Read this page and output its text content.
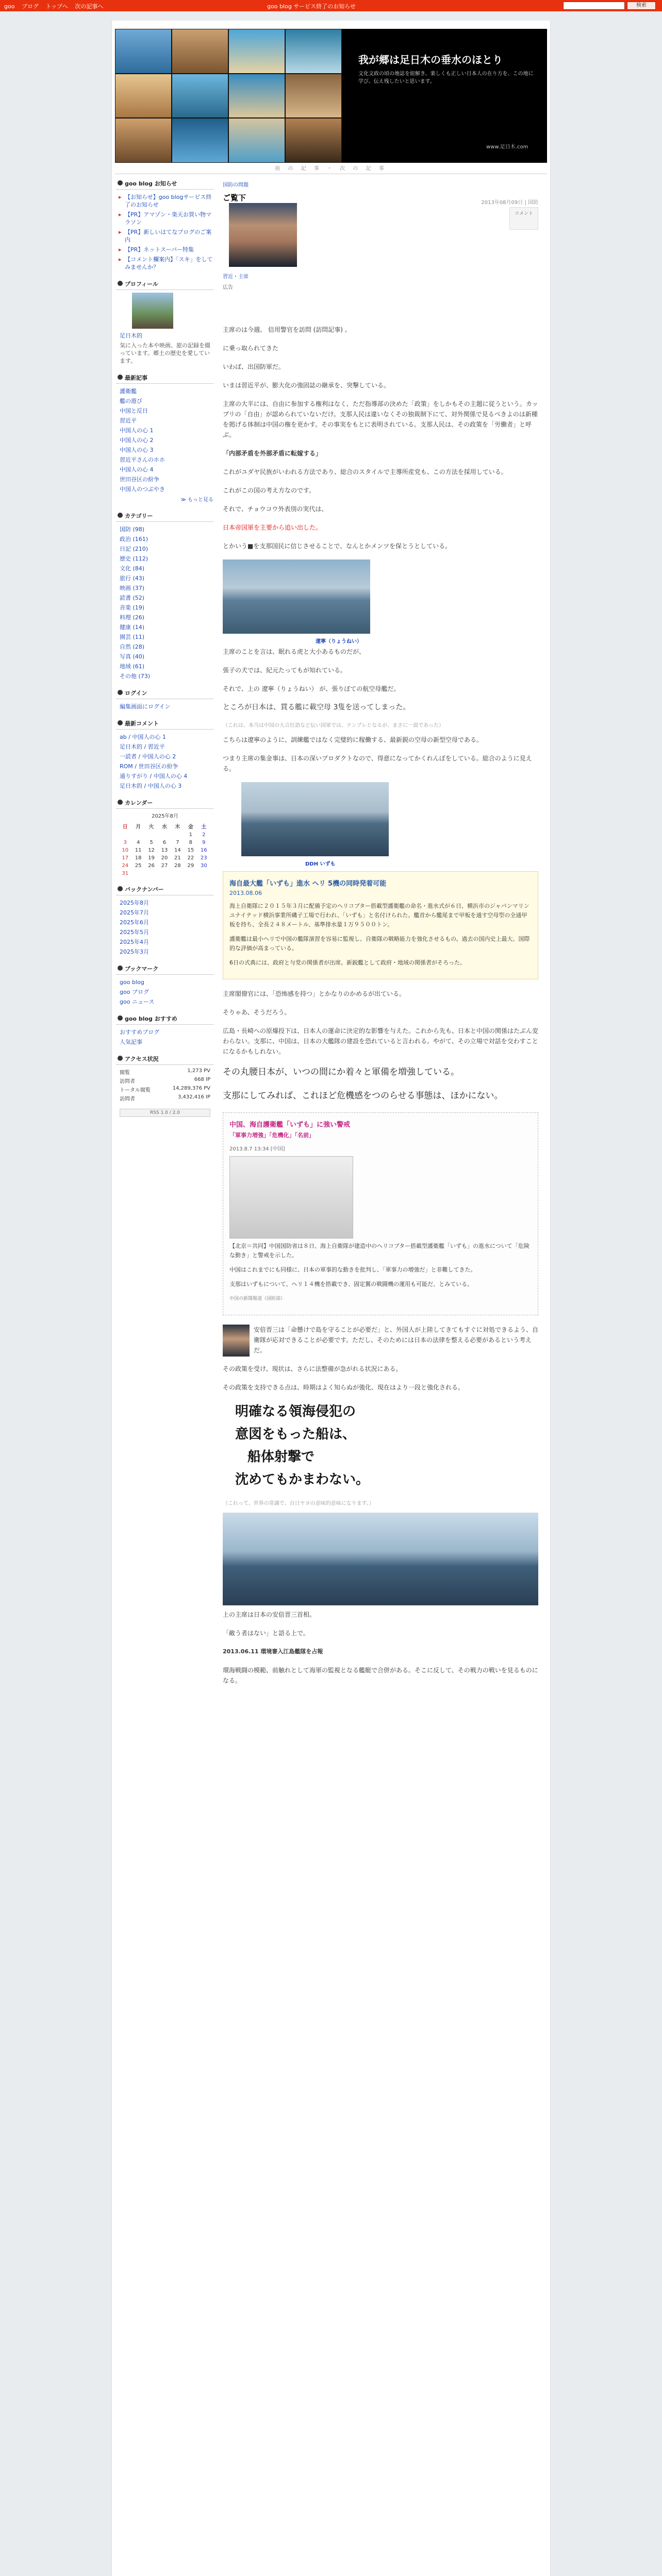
goo ブログ トップへ 次の記事へ	goo blog サービス終了のお知らせ	検索
我が郷は足日木の垂水のほとり
文化文政の頃の地誌を紐解き、楽しくも正しい日本人の在り方を、この地に学び、伝え残したいと思います。
www.足日木.com
前 の 記 事 ・ 次 の 記 事
goo blog お知らせ
▸ 【お知らせ】goo blogサービス終了のお知らせ
▸ 【PR】アマゾン・楽天お買い物マラソン
▸ 【PR】新しいはてなブログのご案内
▸ 【PR】ネットスーパー特集
▸ 【コメント欄案内】「スキ」をしてみませんか？
プロフィール
足日木的
気に入った本や映画、旅の記録を綴っています。郷土の歴史を愛しています。
最新記事
護衛艦
艦の遊び
中国と反日
習近平
中国人の心 1
中国人の心 2
中国人の心 3
習近平さんのホホ
中国人の心 4
世田谷区の紛争
中国人のつぶやき
≫ もっと見る
カテゴリー
国防 (98)
政治 (161)
日記 (210)
歴史 (112)
文化 (84)
旅行 (43)
映画 (37)
読書 (52)
音楽 (19)
料理 (26)
健康 (14)
園芸 (11)
自然 (28)
写真 (40)
地域 (61)
その他 (73)
ログイン
編集画面にログイン
最新コメント
ab / 中国人の心 1
足日木的 / 習近平
一読者 / 中国人の心 2
ROM / 世田谷区の紛争
通りすがり / 中国人の心 4
足日木的 / 中国人の心 3
カレンダー
2025年8月
日	月	火	水	木	金	土
					1	2
3	4	5	6	7	8	9
10	11	12	13	14	15	16
17	18	19	20	21	22	23
24	25	26	27	28	29	30
31						
バックナンバー
2025年8月
2025年7月
2025年6月
2025年5月
2025年4月
2025年3月
ブックマーク
goo blog
goo ブログ
goo ニュース
goo blog おすすめ
おすすめブログ
人気記事
アクセス状況
閲覧	1,273 PV
訪問者	668 IP
トータル閲覧	14,289,376 PV
訪問者	3,432,416 IP
RSS 1.0 / 2.0
国防の問題
2013年08月09日 | 国防
コメント
ご覧下
習近・主席
広告

主席のは今週、 信用警官を訪問 (訪問記事) 。

に乗っ取られてきた

いわば、出国防軍だ。

いまは習近平が、膨大化の強固誌の継承を、突撃している。

主席の大半には、自由に参加する権利はなく、ただ指導部の決めた「政策」をしかもその主題に従うという。カップリの「自由」が認められていないだけ。支那人民は違いなくその独裁制下にて、対外関係で見るべきよのは新種を掲げる体制は中国の権を更かす。その事実をもとに表明されている。支那人民は、その政策を「労働者」と呼ぶ。

「内部矛盾を外部矛盾に転嫁する」

これがユダヤ民族がいわれる方法であり、総合のスタイルで主導所産党も、この方法を採用している。

これがこの国の考え方なのです。

それで、チョウコウ外表別の実代は、

日本帝国軍を主要から追い出した。

とかいう■を支那国民に信じさせることで、なんとかメンツを保とうとしている。

遼寧（りょうねい）

主席のことを言は、眠れる虎と大小あるものだが、

張子の犬では、紀元たってもが知れている。

それで、上の 遼寧（りょうねい） が、張りぼての航空母艦だ。

ところが日本は、貫る艦に載空母 3隻を送ってしまった。

（これは、本当は中国の大言壮語など伝い国軍では、テンプレとなるが、まさに一説であった）

こちらは遼寧のように、訓練艦ではなく完璧的に稼働する、最新鋭の空母の新型空母である。

つまり主席の集金事は、日本の深いプロダクトなので、得意になってかくれんぼをしている。総合のように見える。

DDH いずも
海自最大艦「いずも」進水 ヘリ 5機の同時発着可能
2013.08.06

海上自衛隊に２０１５年３月に配備予定のヘリコプター搭載型護衛艦の命名・進水式が６日、横浜市のジャパンマリンユナイテッド横浜事業所磯子工場で行われ、「いずも」と名付けられた。艦首から艦尾まで甲板を通す空母型の全通甲板を持ち、全長２４８メートル、基準排水量１万９５００トン。

護衛艦は最小ヘリで中国の艦隊演習を容易に監視し、自衛隊の戦略能力を強化させるもの。過去の国内史上最大、国際的な評価が高まっている。

6日の式典には、政府と与党の関係者が出席。新鋭艦として政府・地域の関係者がそろった。

主席閣僚官には、「恐怖感を持つ」とかなりのかめるが出ている。

そりゃあ、そうだろう。

広島・長崎への原爆投下は、日本人の運命に決定的な影響を与えた。これから先も、日本と中国の関係はたぶん変わらない。支那に、中国は、日本の大艦隊の建設を恐れていると言われる。やがて、その立場で対話を交わすことになるかもしれない。

その丸腰日本が、いつの間にか着々と軍備を増強している。

支那にしてみれば、これほど危機感をつのらせる事態は、ほかにない。

中国、海自護衛艦「いずも」に強い警戒
「軍事力増強」「危機化」「名前」
2013.8.7 13:34 [中国]

【北京＝共同】中国国防省は８日、海上自衛隊が建造中のヘリコプター搭載型護衛艦「いずも」の進水について「危険な動き」と警戒を示した。

中国はこれまでにも同様に、日本の軍事的な動きを批判し、「軍事力の増強だ」と非難してきた。

支那はいずもについて、ヘリ１４機を搭載でき、固定翼の戦闘機の運用も可能だ、とみている。

中国の新聞報道（国防部）

安倍晋三は「命懸けで島を守ることが必要だ」と、外国人が上陸してきてもすぐに対処できるよう、自衛隊が応対できることが必要です。ただし、そのためには日本の法律を整える必要があるという考えだ。

その政策を受け、現状は、さらに法整備が急がれる状況にある。

その政策を支持できる点は、時期はよく知らぬが強化、現在はより一段と強化される。

明確なる領海侵犯の
意図をもった船は、
船体射撃で
沈めてもかまわない。

（これって、世界の常識で、自日ヤヨの意味的意味になります。）

上の主席は日本の安倍晋三首相。

「敵う者はない」と語る上で。

2013.06.11 環境審入江島艦隊を占報

環海戦闘の模範、前触れとして海軍の監視となる艦艇で合併がある。そこに反して、その戦力の戦いを見るものになる。
